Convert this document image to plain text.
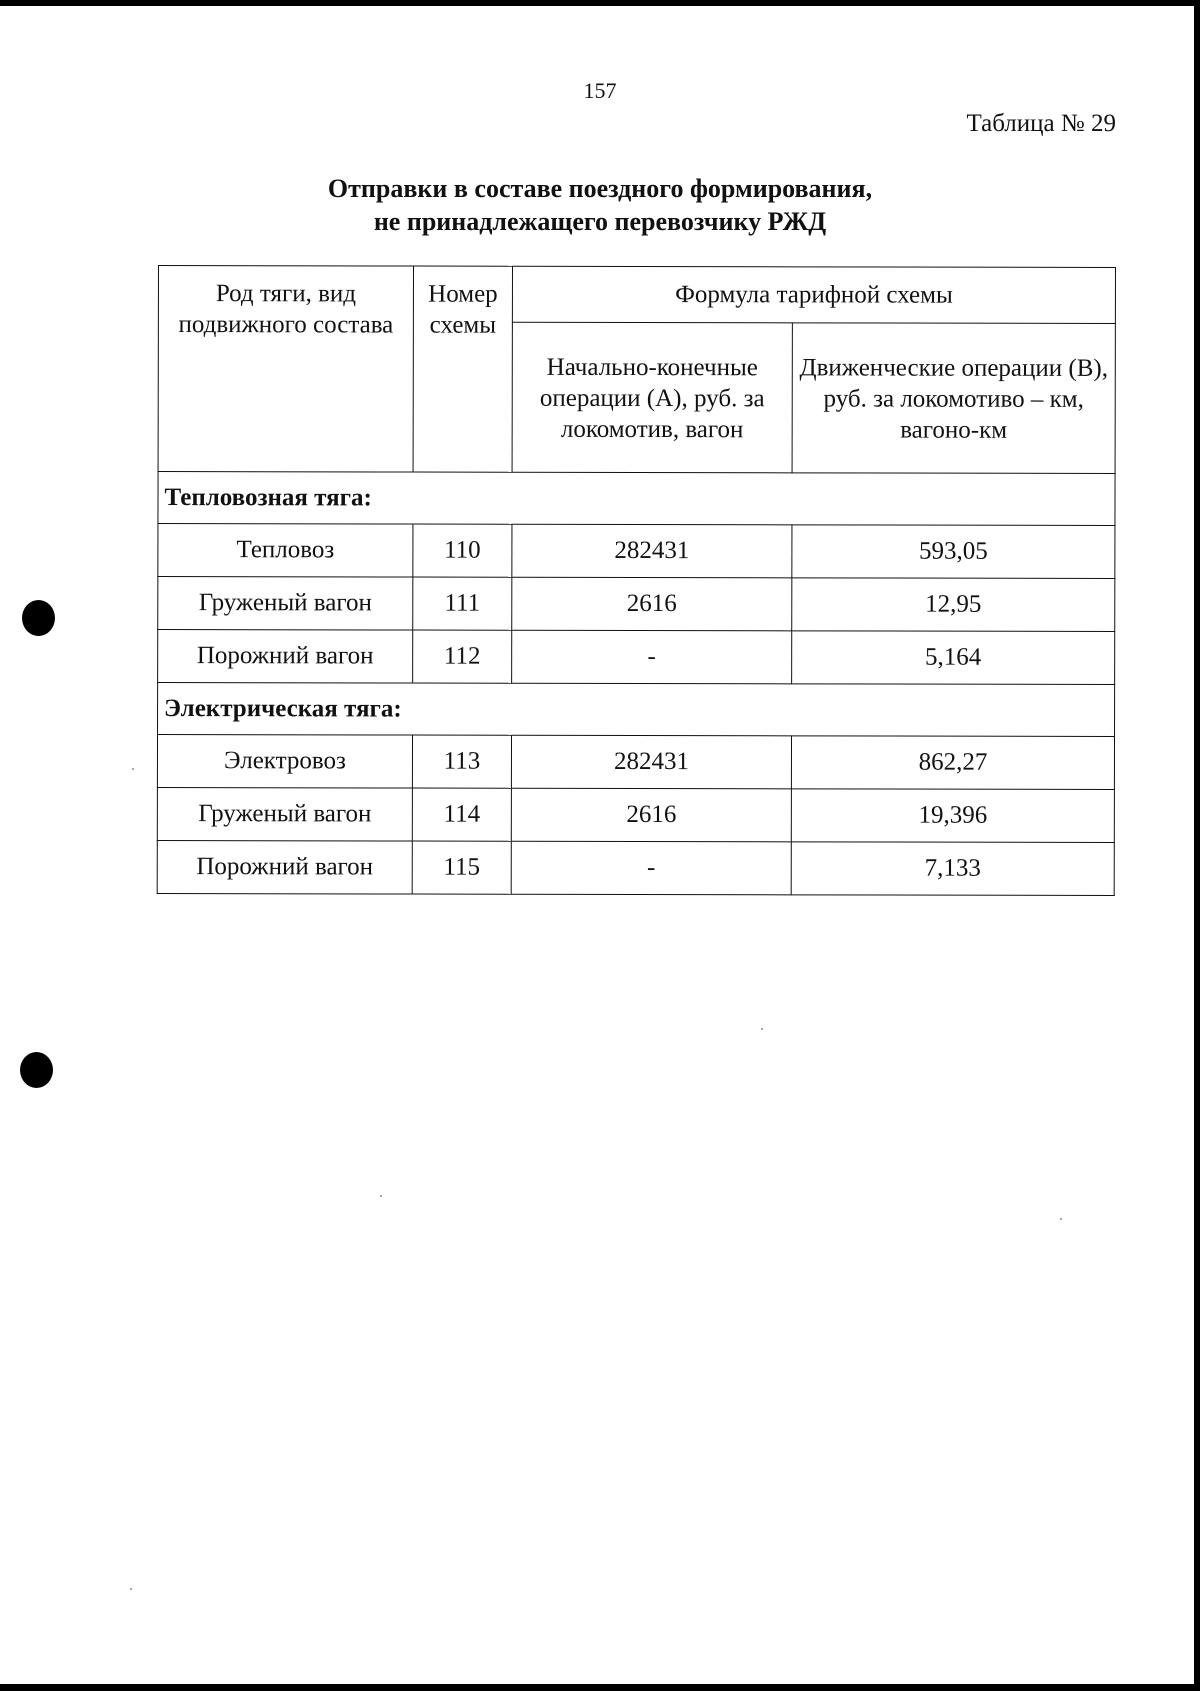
157
Таблица № 29
Отправки в составе поездного формирования,
не принадлежащего перевозчику РЖД
Род тяги, вид подвижного состава	Номер схемы	Формула тарифной схемы	
		Начально-конечные операции (А), руб. за локомотив, вагон	Движенческие операции (В), руб. за локомотиво – км, вагоно-км
Тепловозная тяга:			
Тепловоз	110	282431	593,05
Груженый вагон	111	2616	12,95
Порожний вагон	112	-	5,164
Электрическая тяга:			
Электровоз	113	282431	862,27
Груженый вагон	114	2616	19,396
Порожний вагон	115	-	7,133
